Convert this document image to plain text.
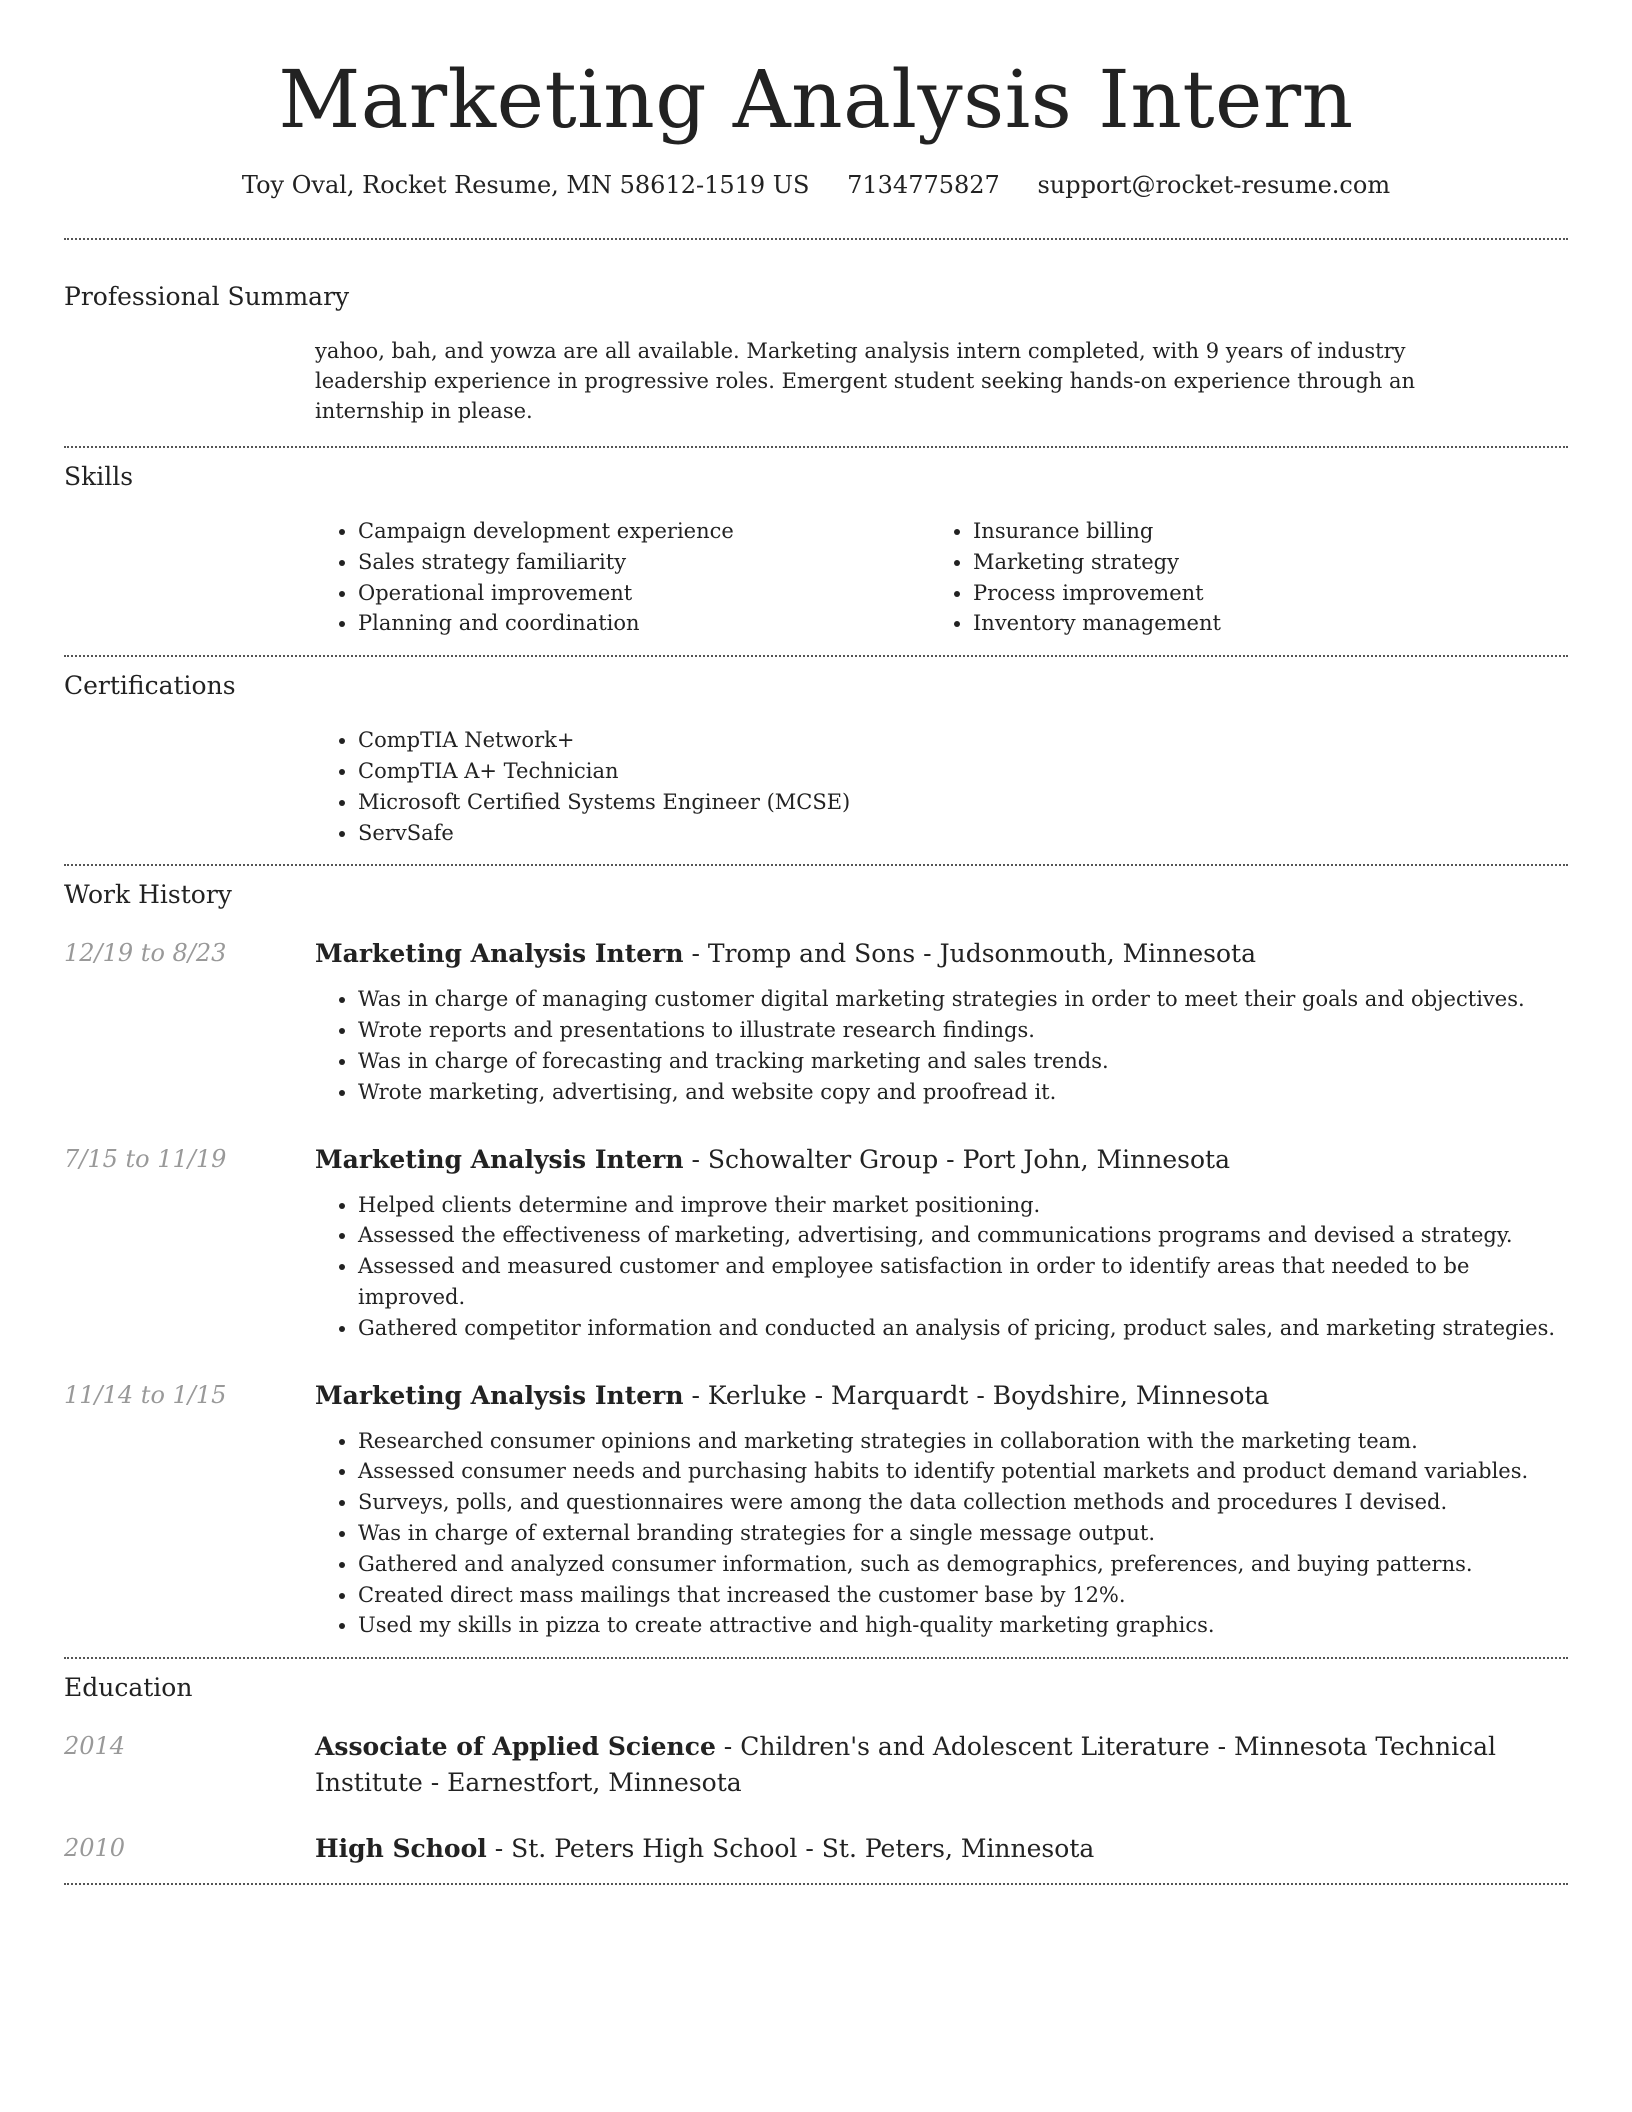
Marketing Analysis Intern
Toy Oval, Rocket Resume, MN 58612-1519 US 7134775827 support@rocket-resume.com
Professional Summary
yahoo, bah, and yowza are all available. Marketing analysis intern completed, with 9 years of industry leadership experience in progressive roles. Emergent student seeking hands-on experience through an internship in please.
Skills
• Campaign development experience
• Sales strategy familiarity
• Operational improvement
• Planning and coordination
• Insurance billing
• Marketing strategy
• Process improvement
• Inventory management
Certifications
• CompTIA Network+
• CompTIA A+ Technician
• Microsoft Certified Systems Engineer (MCSE)
• ServSafe
Work History
12/19 to 8/23	Marketing Analysis Intern - Tromp and Sons - Judsonmouth, Minnesota
• Was in charge of managing customer digital marketing strategies in order to meet their goals and objectives.
• Wrote reports and presentations to illustrate research findings.
• Was in charge of forecasting and tracking marketing and sales trends.
• Wrote marketing, advertising, and website copy and proofread it.
7/15 to 11/19	Marketing Analysis Intern - Schowalter Group - Port John, Minnesota
• Helped clients determine and improve their market positioning.
• Assessed the effectiveness of marketing, advertising, and communications programs and devised a strategy.
• Assessed and measured customer and employee satisfaction in order to identify areas that needed to be improved.
• Gathered competitor information and conducted an analysis of pricing, product sales, and marketing strategies.
11/14 to 1/15	Marketing Analysis Intern - Kerluke - Marquardt - Boydshire, Minnesota
• Researched consumer opinions and marketing strategies in collaboration with the marketing team.
• Assessed consumer needs and purchasing habits to identify potential markets and product demand variables.
• Surveys, polls, and questionnaires were among the data collection methods and procedures I devised.
• Was in charge of external branding strategies for a single message output.
• Gathered and analyzed consumer information, such as demographics, preferences, and buying patterns.
• Created direct mass mailings that increased the customer base by 12%.
• Used my skills in pizza to create attractive and high-quality marketing graphics.
Education
2014	Associate of Applied Science - Children's and Adolescent Literature - Minnesota Technical Institute - Earnestfort, Minnesota
2010	High School - St. Peters High School - St. Peters, Minnesota
